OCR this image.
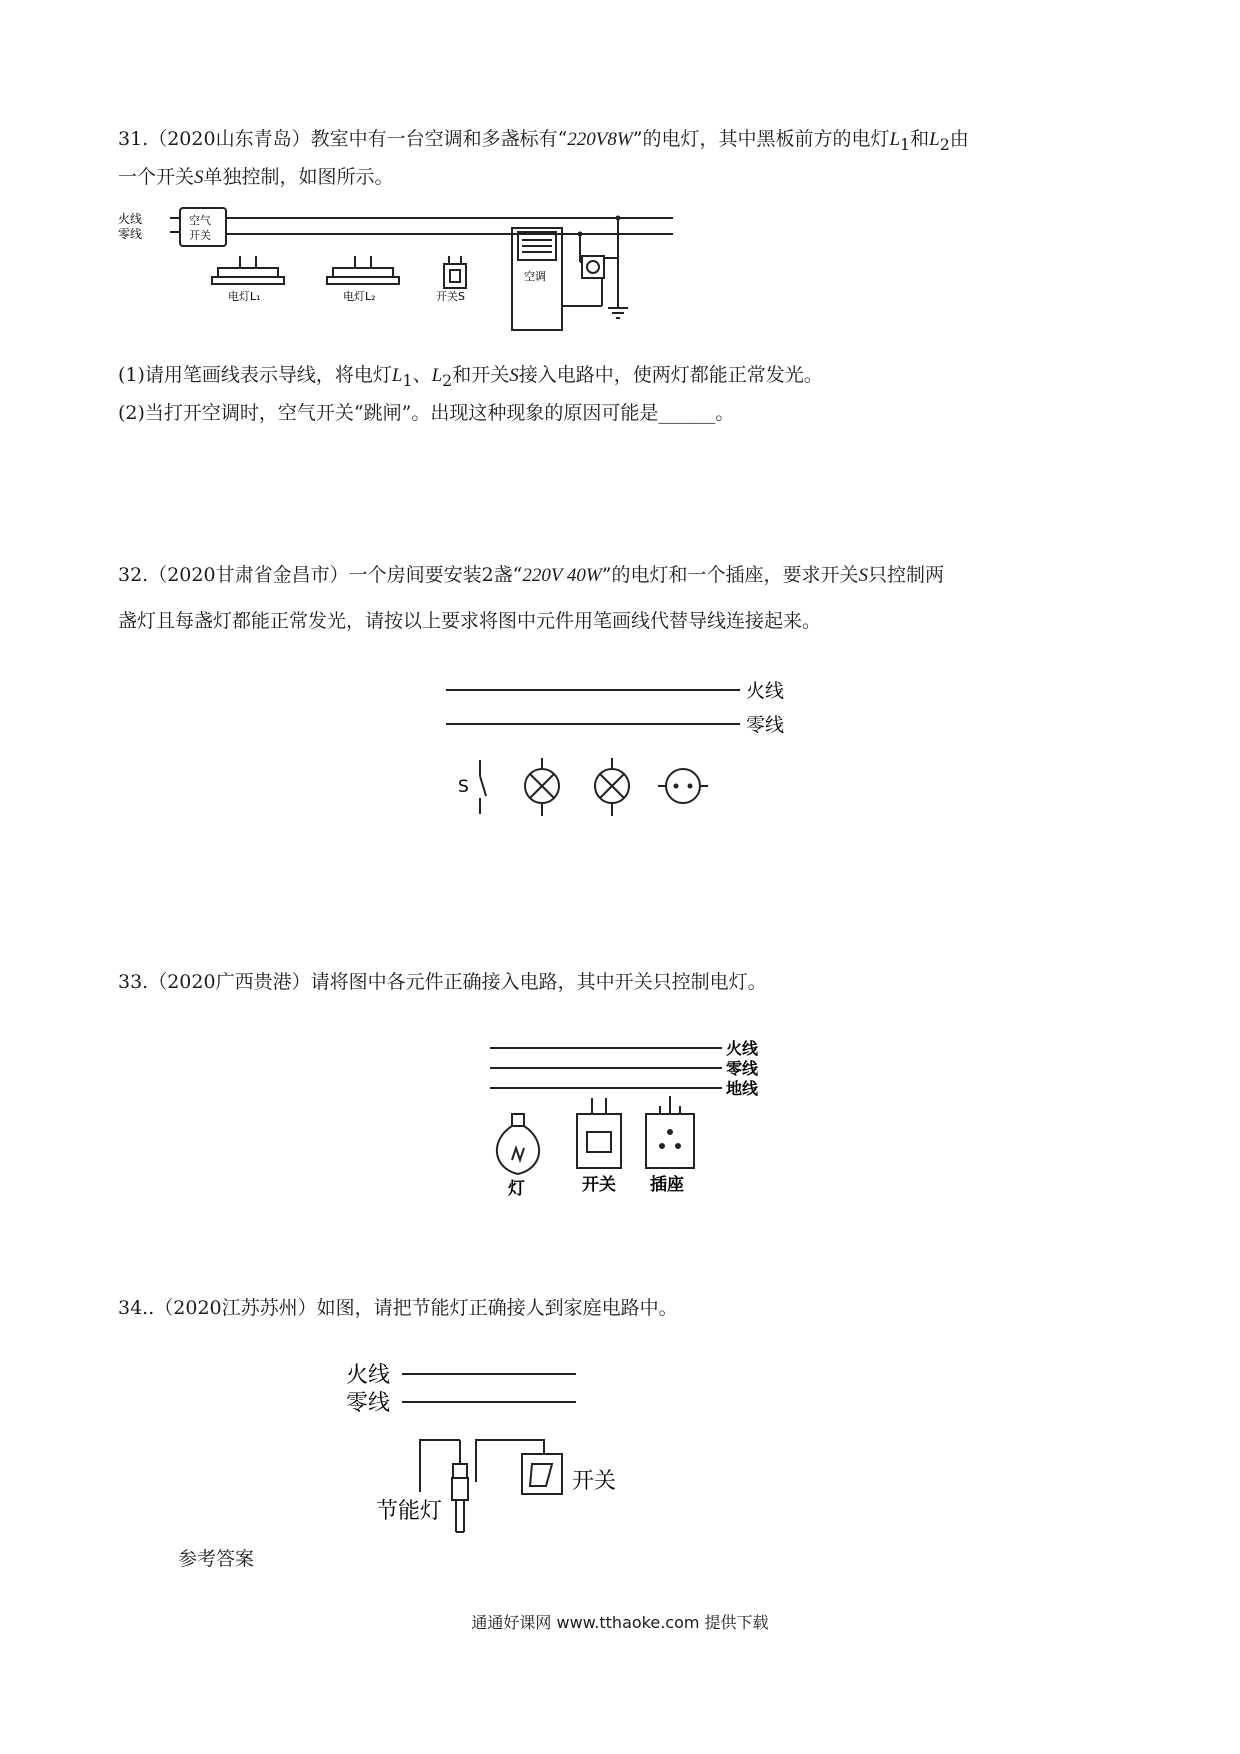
31.（2020山东青岛）教室中有一台空调和多盏标有“220V8W”的电灯，其中黑板前方的电灯$L_1$和$L_2$由

一个开关S单独控制，如图所示。

火线
零线
空气
开关
电灯L₁	电灯L₂	开关S
空调

(1)请用笔画线表示导线，将电灯$L_1$、$L_2$和开关S接入电路中，使两灯都能正常发光。

(2)当打开空调时，空气开关“跳闸”。出现这种现象的原因可能是______。

32.（2020甘肃省金昌市）一个房间要安装2盏“220V 40W”的电灯和一个插座，要求开关S只控制两

盏灯且每盏灯都能正常发光，请按以上要求将图中元件用笔画线代替导线连接起来。

火线
零线
S

33.（2020广西贵港）请将图中各元件正确接入电路，其中开关只控制电灯。

火线
零线
地线
灯	开关 插座

34..（2020江苏苏州）如图，请把节能灯正确接人到家庭电路中。

火线
零线
节能灯
开关

参考答案

通通好课网 www.tthaoke.com 提供下载
